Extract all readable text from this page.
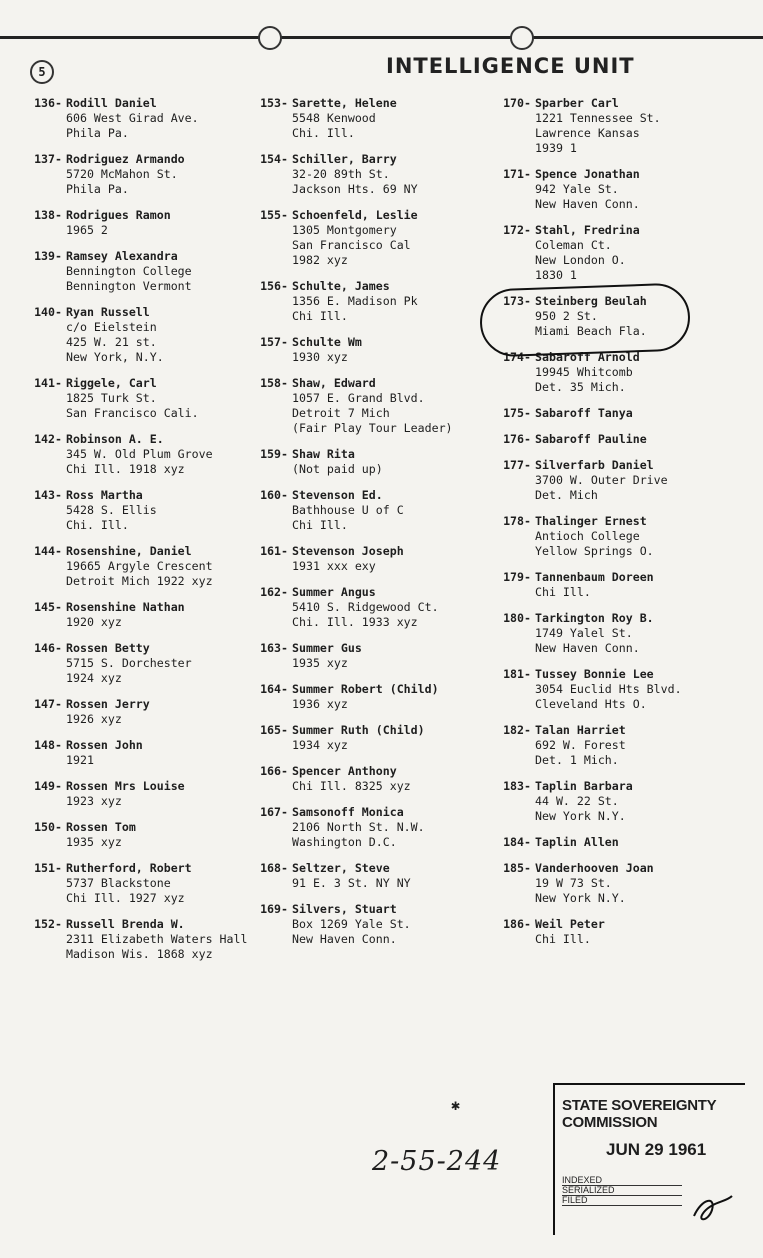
5	INTELLIGENCE UNIT
136- Rodill Daniel
606 West Girad Ave.
Phila Pa.
137- Rodriguez Armando
5720 McMahon St.
Phila Pa.
138- Rodrigues Ramon
1965 2
139- Ramsey Alexandra
Bennington College
Bennington Vermont
140- Ryan Russell
c/o Eielstein
425 W. 21 st.
New York, N.Y.
141- Riggele, Carl
1825 Turk St.
San Francisco Cali.
142- Robinson A. E.
345 W. Old Plum Grove
Chi Ill. 1918 xyz
143- Ross Martha
5428 S. Ellis
Chi. Ill.
144- Rosenshine, Daniel
19665 Argyle Crescent
Detroit Mich 1922 xyz
145- Rosenshine Nathan
1920 xyz
146- Rossen Betty
5715 S. Dorchester
1924 xyz
147- Rossen Jerry
1926 xyz
148- Rossen John
1921
149- Rossen Mrs Louise
1923 xyz
150- Rossen Tom
1935 xyz
151- Rutherford, Robert
5737 Blackstone
Chi Ill. 1927 xyz
152- Russell Brenda W.
2311 Elizabeth Waters Hall
Madison Wis. 1868 xyz
153- Sarette, Helene
5548 Kenwood
Chi. Ill.
154- Schiller, Barry
32-20 89th St.
Jackson Hts. 69 NY
155- Schoenfeld, Leslie
1305 Montgomery
San Francisco Cal
1982 xyz
156- Schulte, James
1356 E. Madison Pk
Chi Ill.
157- Schulte Wm
1930 xyz
158- Shaw, Edward
1057 E. Grand Blvd.
Detroit 7 Mich
(Fair Play Tour Leader)
159- Shaw Rita
(Not paid up)
160- Stevenson Ed.
Bathhouse U of C
Chi Ill.
161- Stevenson Joseph
1931 xxx exy
162- Summer Angus
5410 S. Ridgewood Ct.
Chi. Ill. 1933 xyz
163- Summer Gus
1935 xyz
164- Summer Robert (Child)
1936 xyz
165- Summer Ruth (Child)
1934 xyz
166- Spencer Anthony
Chi Ill. 8325 xyz
167- Samsonoff Monica
2106 North St. N.W.
Washington D.C.
168- Seltzer, Steve
91 E. 3 St. NY NY
169- Silvers, Stuart
Box 1269 Yale St.
New Haven Conn.
170- Sparber Carl
1221 Tennessee St.
Lawrence Kansas
1939 1
171- Spence Jonathan
942 Yale St.
New Haven Conn.
172- Stahl, Fredrina
Coleman Ct.
New London O.
1830 1
173- Steinberg Beulah
950 2 St.
Miami Beach Fla.
174- Sabaroff Arnold
19945 Whitcomb
Det. 35 Mich.
175- Sabaroff Tanya
176- Sabaroff Pauline
177- Silverfarb Daniel
3700 W. Outer Drive
Det. Mich
178- Thalinger Ernest
Antioch College
Yellow Springs O.
179- Tannenbaum Doreen
Chi Ill.
180- Tarkington Roy B.
1749 Yalel St.
New Haven Conn.
181- Tussey Bonnie Lee
3054 Euclid Hts Blvd.
Cleveland Hts O.
182- Talan Harriet
692 W. Forest
Det. 1 Mich.
183- Taplin Barbara
44 W. 22 St.
New York N.Y.
184- Taplin Allen
185- Vanderhooven Joan
19 W 73 St.
New York N.Y.
186- Weil Peter
Chi Ill.
✱	STATE SOVEREIGNTY COMMISSION
JUN 29 1961
INDEXED
SERIALIZED
FILED
2-55-244
